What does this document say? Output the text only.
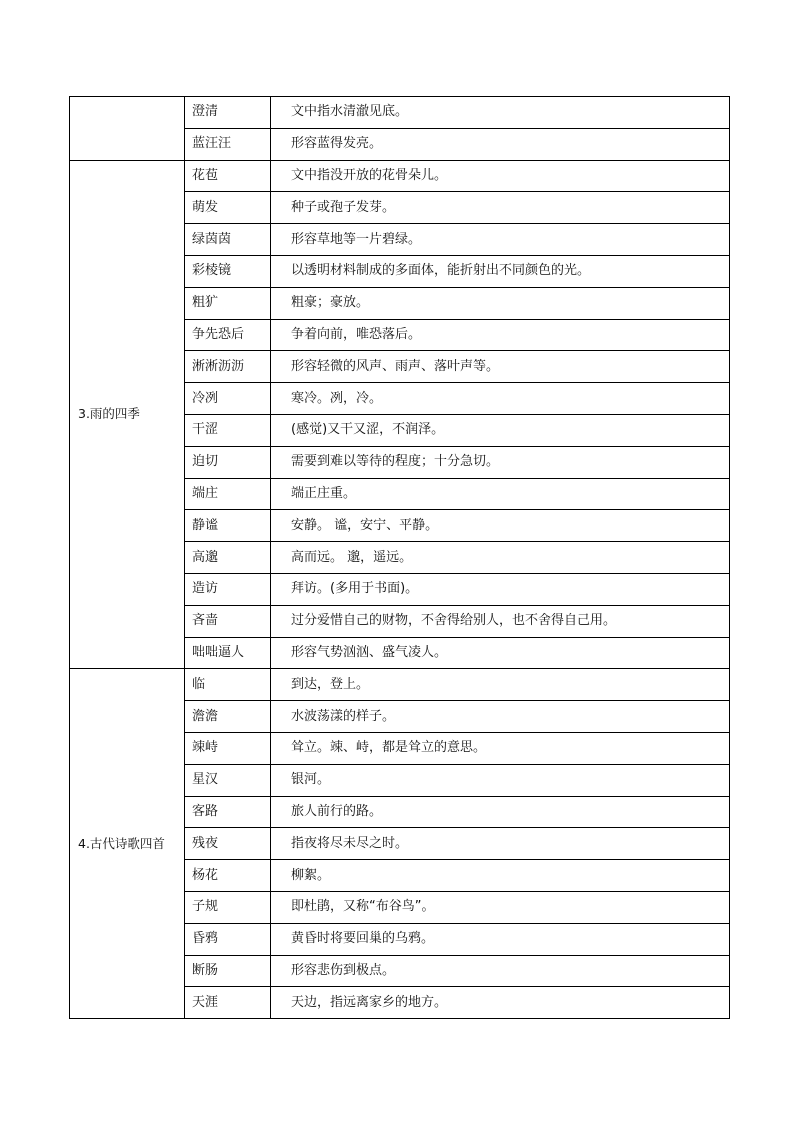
	澄清	文中指水清澈见底。
	蓝汪汪	形容蓝得发亮。
3.雨的四季	花苞	文中指没开放的花骨朵儿。
	萌发	种子或孢子发芽。
	绿茵茵	形容草地等一片碧绿。
	彩棱镜	以透明材料制成的多面体，能折射出不同颜色的光。
	粗犷	粗豪；豪放。
	争先恐后	争着向前，唯恐落后。
	淅淅沥沥	形容轻微的风声、雨声、落叶声等。
	冷冽	寒冷。冽，冷。
	干涩	(感觉)又干又涩，不润泽。
	迫切	需要到难以等待的程度；十分急切。
	端庄	端正庄重。
	静谧	安静。 谧，安宁、平静。
	高邈	高而远。 邈，遥远。
	造访	拜访。(多用于书面)。
	吝啬	过分爱惜自己的财物，不舍得给别人，也不舍得自己用。
	咄咄逼人	形容气势汹汹、盛气凌人。
4.古代诗歌四首	临	到达，登上。
	澹澹	水波荡漾的样子。
	竦峙	耸立。竦、峙，都是耸立的意思。
	星汉	银河。
	客路	旅人前行的路。
	残夜	指夜将尽未尽之时。
	杨花	柳絮。
	子规	即杜鹃，又称“布谷鸟”。
	昏鸦	黄昏时将要回巢的乌鸦。
	断肠	形容悲伤到极点。
	天涯	天边，指远离家乡的地方。
